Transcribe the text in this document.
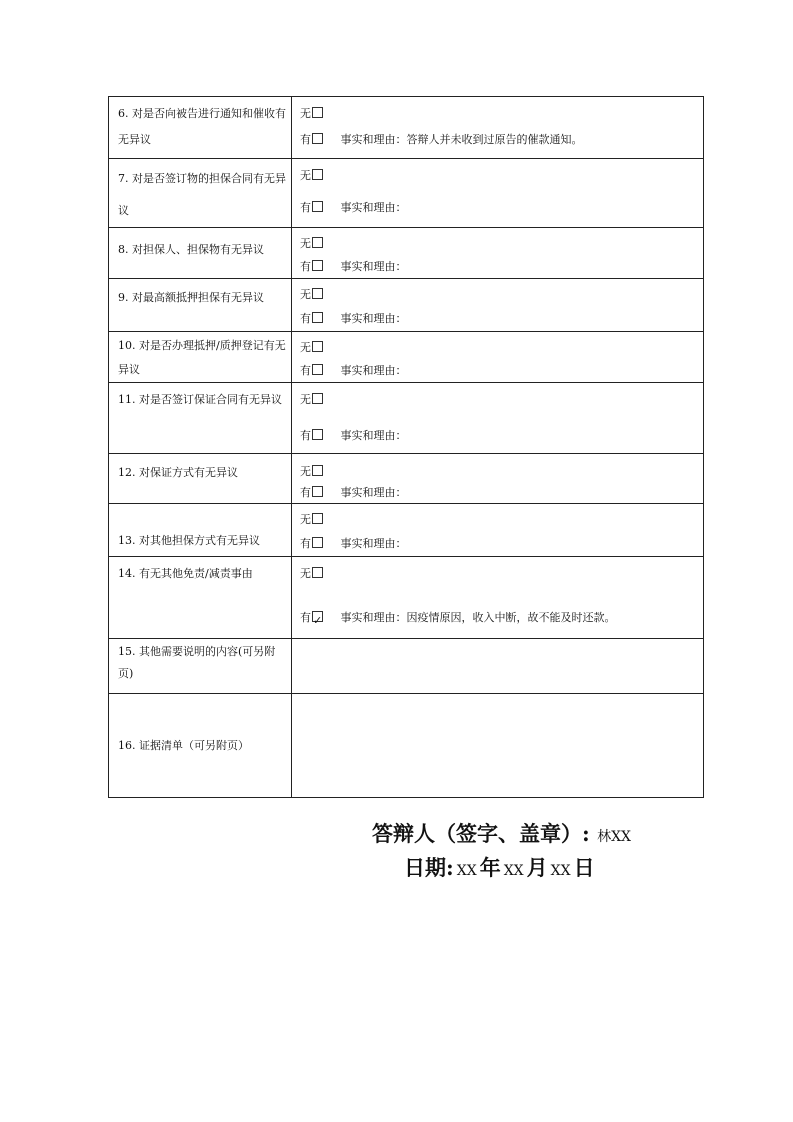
6. 对是否向被告进行通知和催收有无异议	无
有 事实和理由：答辩人并未收到过原告的催款通知。

7. 对是否签订物的担保合同有无异议	无
有 事实和理由：

8. 对担保人、担保物有无异议	无
有 事实和理由：

9. 对最高额抵押担保有无异议	无
有 事实和理由：

10. 对是否办理抵押/质押登记有无异议	无
有 事实和理由：

11. 对是否签订保证合同有无异议	无
有 事实和理由：

12. 对保证方式有无异议	无
有 事实和理由：

13. 对其他担保方式有无异议	无
有 事实和理由：

14. 有无其他免责/减责事由	无
有 ✓ 事实和理由：因疫情原因，收入中断，故不能及时还款。

15. 其他需要说明的内容(可另附页)	

16. 证据清单（可另附页）	

答辩人（签字、盖章）: 林XX
日期: XX 年 XX 月 XX 日
